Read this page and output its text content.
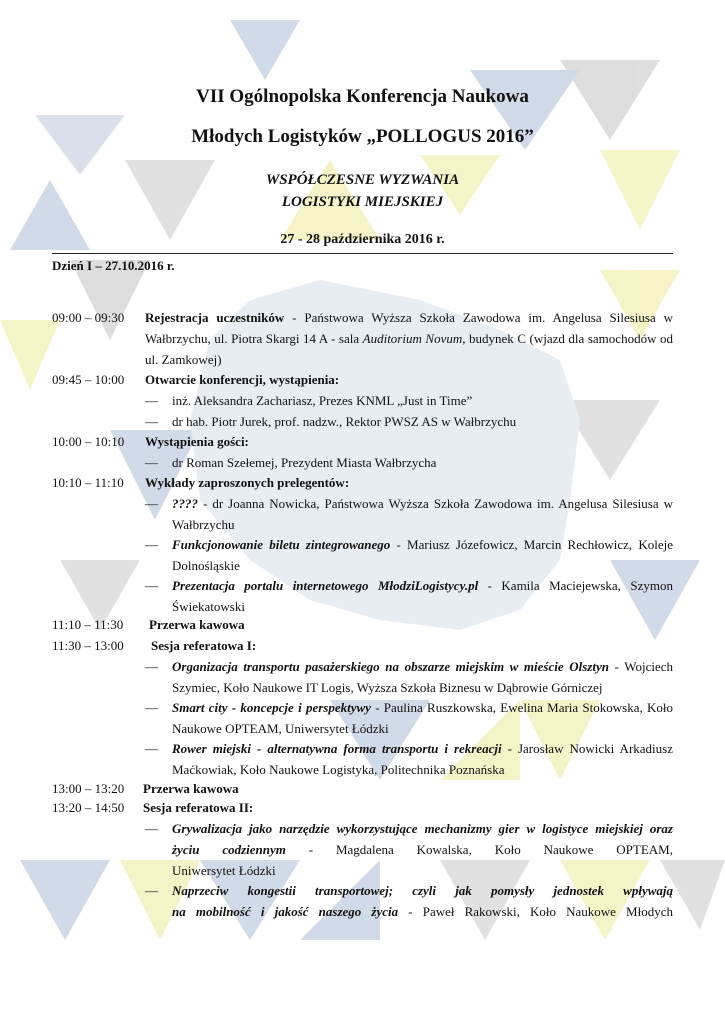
VII Ogólnopolska Konferencja Naukowa
Młodych Logistyków „POLLOGUS 2016”
WSPÓŁCZESNE WYZWANIA
LOGISTYKI MIEJSKIEJ
27 - 28 października 2016 r.
Dzień I – 27.10.2016 r.
09:00 – 09:30	Rejestracja uczestników - Państwowa Wyższa Szkoła Zawodowa im. Angelusa Silesiusa w Wałbrzychu, ul. Piotra Skargi 14 A - sala Auditorium Novum, budynek C (wjazd dla samochodów od ul. Zamkowej)
09:45 – 10:00	Otwarcie konferencji, wystąpienia:
—	inż. Aleksandra Zachariasz, Prezes KNML „Just in Time”
—	dr hab. Piotr Jurek, prof. nadzw., Rektor PWSZ AS w Wałbrzychu
10:00 – 10:10	Wystąpienia gości:
—	dr Roman Szełemej, Prezydent Miasta Wałbrzycha
10:10 – 11:10	Wykłady zaproszonych prelegentów:
—	???? - dr Joanna Nowicka, Państwowa Wyższa Szkoła Zawodowa im. Angelusa Silesiusa w Wałbrzychu
—	Funkcjonowanie biletu zintegrowanego - Mariusz Józefowicz, Marcin Rechłowicz, Koleje Dolnośląskie
—	Prezentacja portalu internetowego MłodziLogistycy.pl - Kamila Maciejewska, Szymon Świekatowski
11:10 – 11:30	Przerwa kawowa
11:30 – 13:00	Sesja referatowa I:
—	Organizacja transportu pasażerskiego na obszarze miejskim w mieście Olsztyn - Wojciech Szymiec, Koło Naukowe IT Logis, Wyższa Szkoła Biznesu w Dąbrowie Górniczej
—	Smart city - koncepcje i perspektywy - Paulina Ruszkowska, Ewelina Maria Stokowska, Koło Naukowe OPTEAM, Uniwersytet Łódzki
—	Rower miejski - alternatywna forma transportu i rekreacji - Jarosław Nowicki Arkadiusz Maćkowiak, Koło Naukowe Logistyka, Politechnika Poznańska
13:00 – 13:20	Przerwa kawowa
13:20 – 14:50	Sesja referatowa II:
—	Grywalizacja jako narzędzie wykorzystujące mechanizmy gier w logistyce miejskiej oraz
życiu codziennym - Magdalena Kowalska, Koło Naukowe OPTEAM,
Uniwersytet Łódzki
—	Naprzeciw kongestii transportowej; czyli jak pomysły jednostek wpływają
na mobilność i jakość naszego życia - Paweł Rakowski, Koło Naukowe Młodych
